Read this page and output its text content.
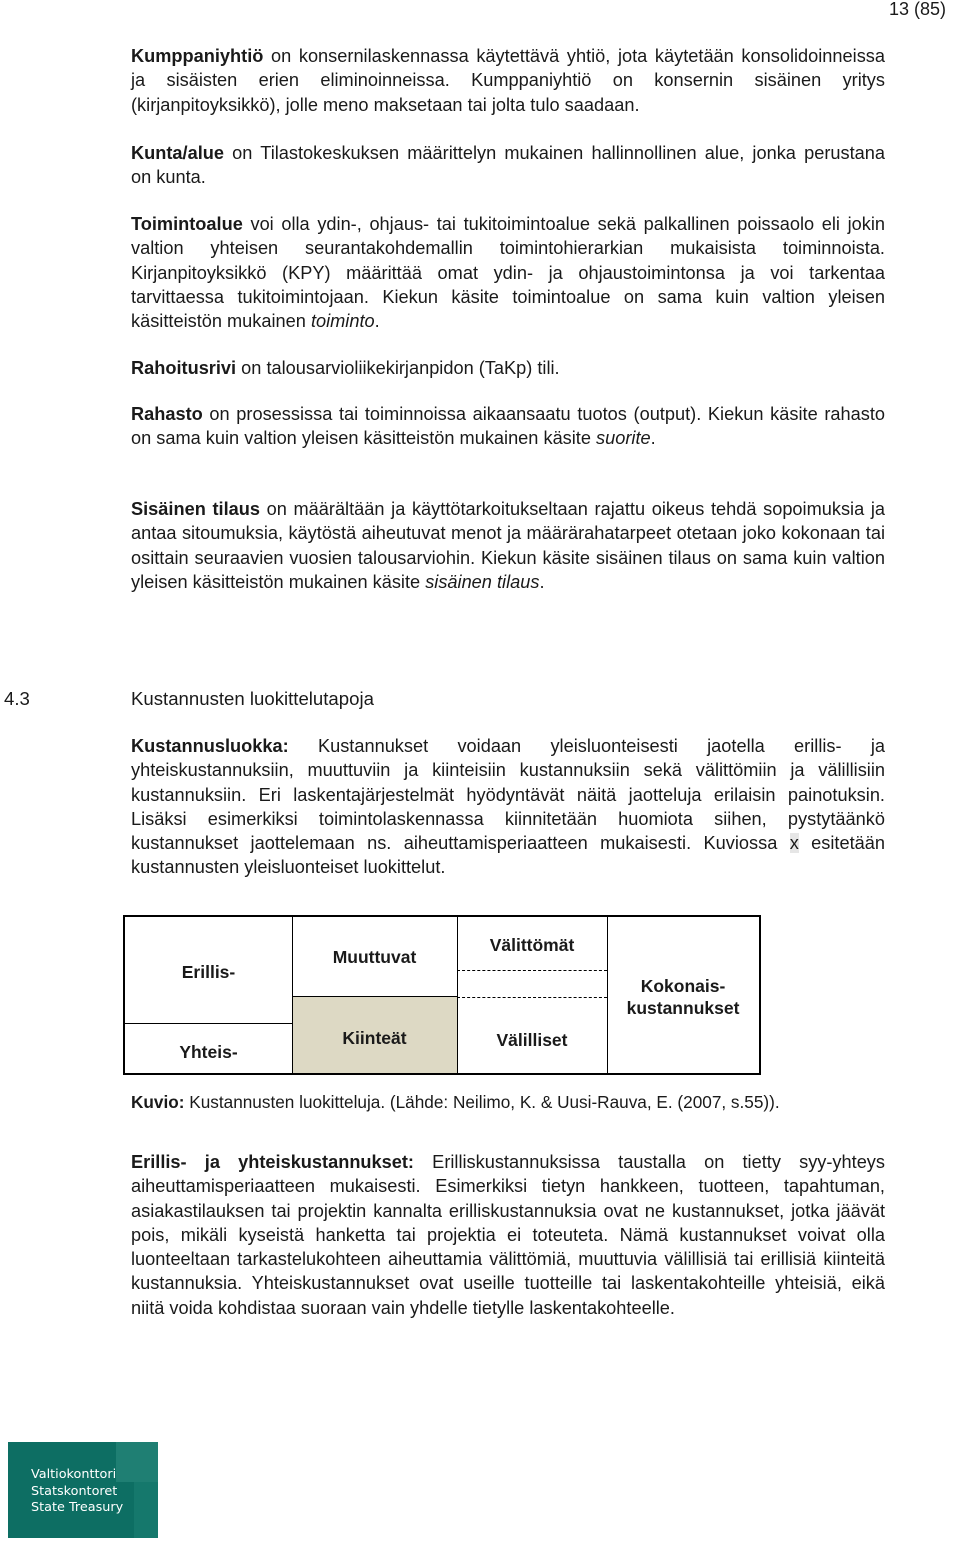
13 (85)

Kumppaniyhtiö on konsernilaskennassa käytettävä yhtiö, jota käytetään konsolidoinneissa ja sisäisten erien eliminoinneissa. Kumppaniyhtiö on konsernin sisäinen yritys (kirjanpitoyksikkö), jolle meno maksetaan tai jolta tulo saadaan.

Kunta/alue on Tilastokeskuksen määrittelyn mukainen hallinnollinen alue, jonka perustana on kunta.

Toimintoalue voi olla ydin-, ohjaus- tai tukitoimintoalue sekä palkallinen poissaolo eli jokin valtion yhteisen seurantakohdemallin toimintohierarkian mukaisista toiminnoista. Kirjanpitoyksikkö (KPY) määrittää omat ydin- ja ohjaustoimintonsa ja voi tarkentaa tarvittaessa tukitoimintojaan. Kiekun käsite toimintoalue on sama kuin valtion yleisen käsitteistön mukainen toiminto.

Rahoitusrivi on talousarvioliikekirjanpidon (TaKp) tili.

Rahasto on prosessissa tai toiminnoissa aikaansaatu tuotos (output). Kiekun käsite rahasto on sama kuin valtion yleisen käsitteistön mukainen käsite suorite.

Sisäinen tilaus on määrältään ja käyttötarkoitukseltaan rajattu oikeus tehdä sopoimuksia ja antaa sitoumuksia, käytöstä aiheutuvat menot ja määrärahatarpeet otetaan joko kokonaan tai osittain seuraavien vuosien talousarviohin. Kiekun käsite sisäinen tilaus on sama kuin valtion yleisen käsitteistön mukainen käsite sisäinen tilaus.

4.3	Kustannusten luokittelutapoja

Kustannusluokka: Kustannukset voidaan yleisluonteisesti jaotella erillis- ja yhteiskustannuksiin, muuttuviin ja kiinteisiin kustannuksiin sekä välittömiin ja välillisiin kustannuksiin. Eri laskentajärjestelmät hyödyntävät näitä jaotteluja erilaisin painotuksin. Lisäksi esimerkiksi toimintolaskennassa kiinnitetään huomiota siihen, pystytäänkö kustannukset jaottelemaan ns. aiheuttamisperiaatteen mukaisesti. Kuviossa x esitetään kustannusten yleisluonteiset luokittelut.

Erillis-
Yhteis-
Muuttuvat
Kiinteät
Välittömät
Välilliset
Kokonais-
kustannukset
Kuvio: Kustannusten luokitteluja. (Lähde: Neilimo, K. & Uusi-Rauva, E. (2007, s.55)).

Erillis- ja yhteiskustannukset: Erilliskustannuksissa taustalla on tietty syy-yhteys aiheuttamisperiaatteen mukaisesti. Esimerkiksi tietyn hankkeen, tuotteen, tapahtuman, asiakastilauksen tai projektin kannalta erilliskustannuksia ovat ne kustannukset, jotka jäävät pois, mikäli kyseistä hanketta tai projektia ei toteuteta. Nämä kustannukset voivat olla luonteeltaan tarkastelukohteen aiheuttamia välittömiä, muuttuvia välillisiä tai erillisiä kiinteitä kustannuksia. Yhteiskustannukset ovat useille tuotteille tai laskentakohteille yhteisiä, eikä niitä voida kohdistaa suoraan vain yhdelle tietylle laskentakohteelle.

Valtiokonttori
Statskontoret
State Treasury
